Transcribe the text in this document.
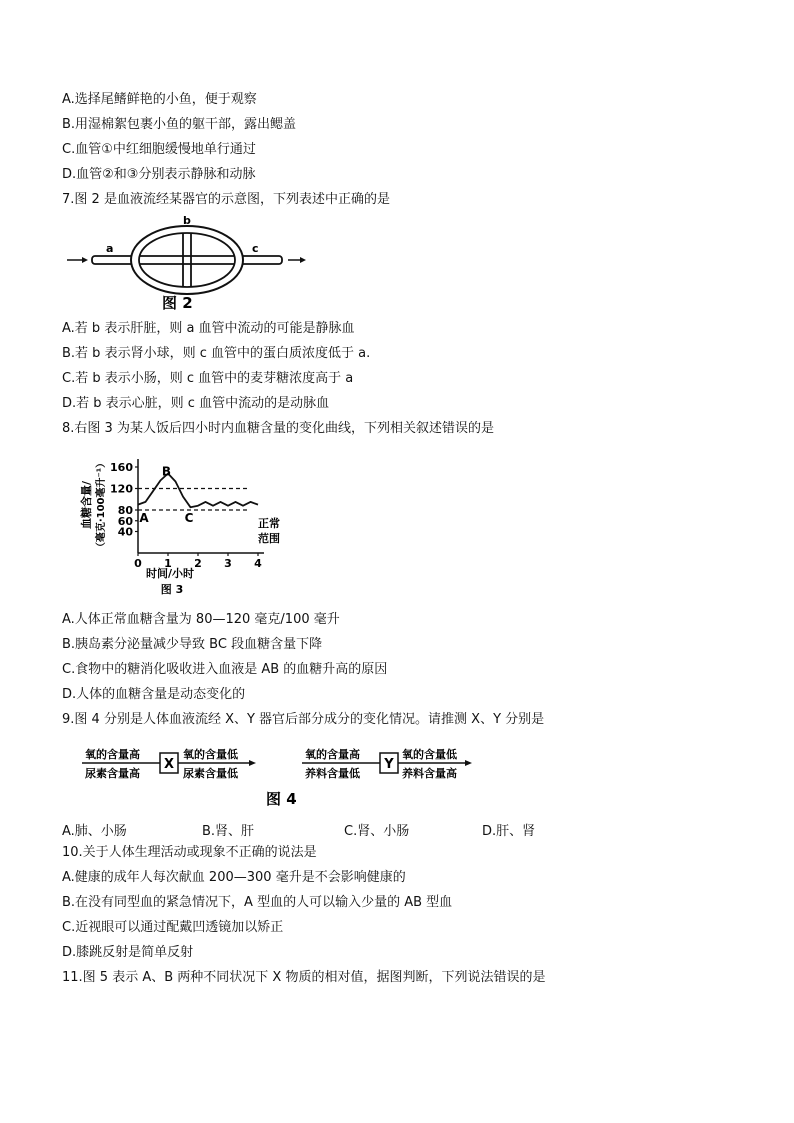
A.选择尾鳍鲜艳的小鱼，便于观察
B.用湿棉絮包裹小鱼的躯干部，露出鳃盖
C.血管①中红细胞缓慢地单行通过
D.血管②和③分别表示静脉和动脉
7.图 2 是血液流经某器官的示意图，下列表述中正确的是
a
b
c
图 2
A.若 b 表示肝脏，则 a 血管中流动的可能是静脉血
B.若 b 表示肾小球，则 c 血管中的蛋白质浓度低于 a.
C.若 b 表示小肠，则 c 血管中的麦芽糖浓度高于 a
D.若 b 表示心脏，则 c 血管中流动的是动脉血
8.右图 3 为某人饭后四小时内血糖含量的变化曲线，下列相关叙述错误的是
血糖含量/ （毫克·100毫升⁻¹） 40
60
80
120
160
0 1 2 3 4
A
B
C	正常
范围
时间/小时
图 3
A.人体正常血糖含量为 80—120 毫克/100 毫升
B.胰岛素分泌量减少导致 BC 段血糖含量下降
C.食物中的糖消化吸收进入血液是 AB 的血糖升高的原因
D.人体的血糖含量是动态变化的
9.图 4 分别是人体血液流经 X、Y 器官后部分成分的变化情况。请推测 X、Y 分别是
氧的含量高
尿素含量高
X
氧的含量低
尿素含量低
氧的含量高
养料含量低
Y
氧的含量低
养料含量高
图 4
A.肺、小肠	B.肾、肝	C.肾、小肠	D.肝、肾
10.关于人体生理活动或现象不正确的说法是
A.健康的成年人每次献血 200—300 毫升是不会影响健康的
B.在没有同型血的紧急情况下，A 型血的人可以输入少量的 AB 型血
C.近视眼可以通过配戴凹透镜加以矫正
D.膝跳反射是简单反射
11.图 5 表示 A、B 两种不同状况下 X 物质的相对值，据图判断，下列说法错误的是
